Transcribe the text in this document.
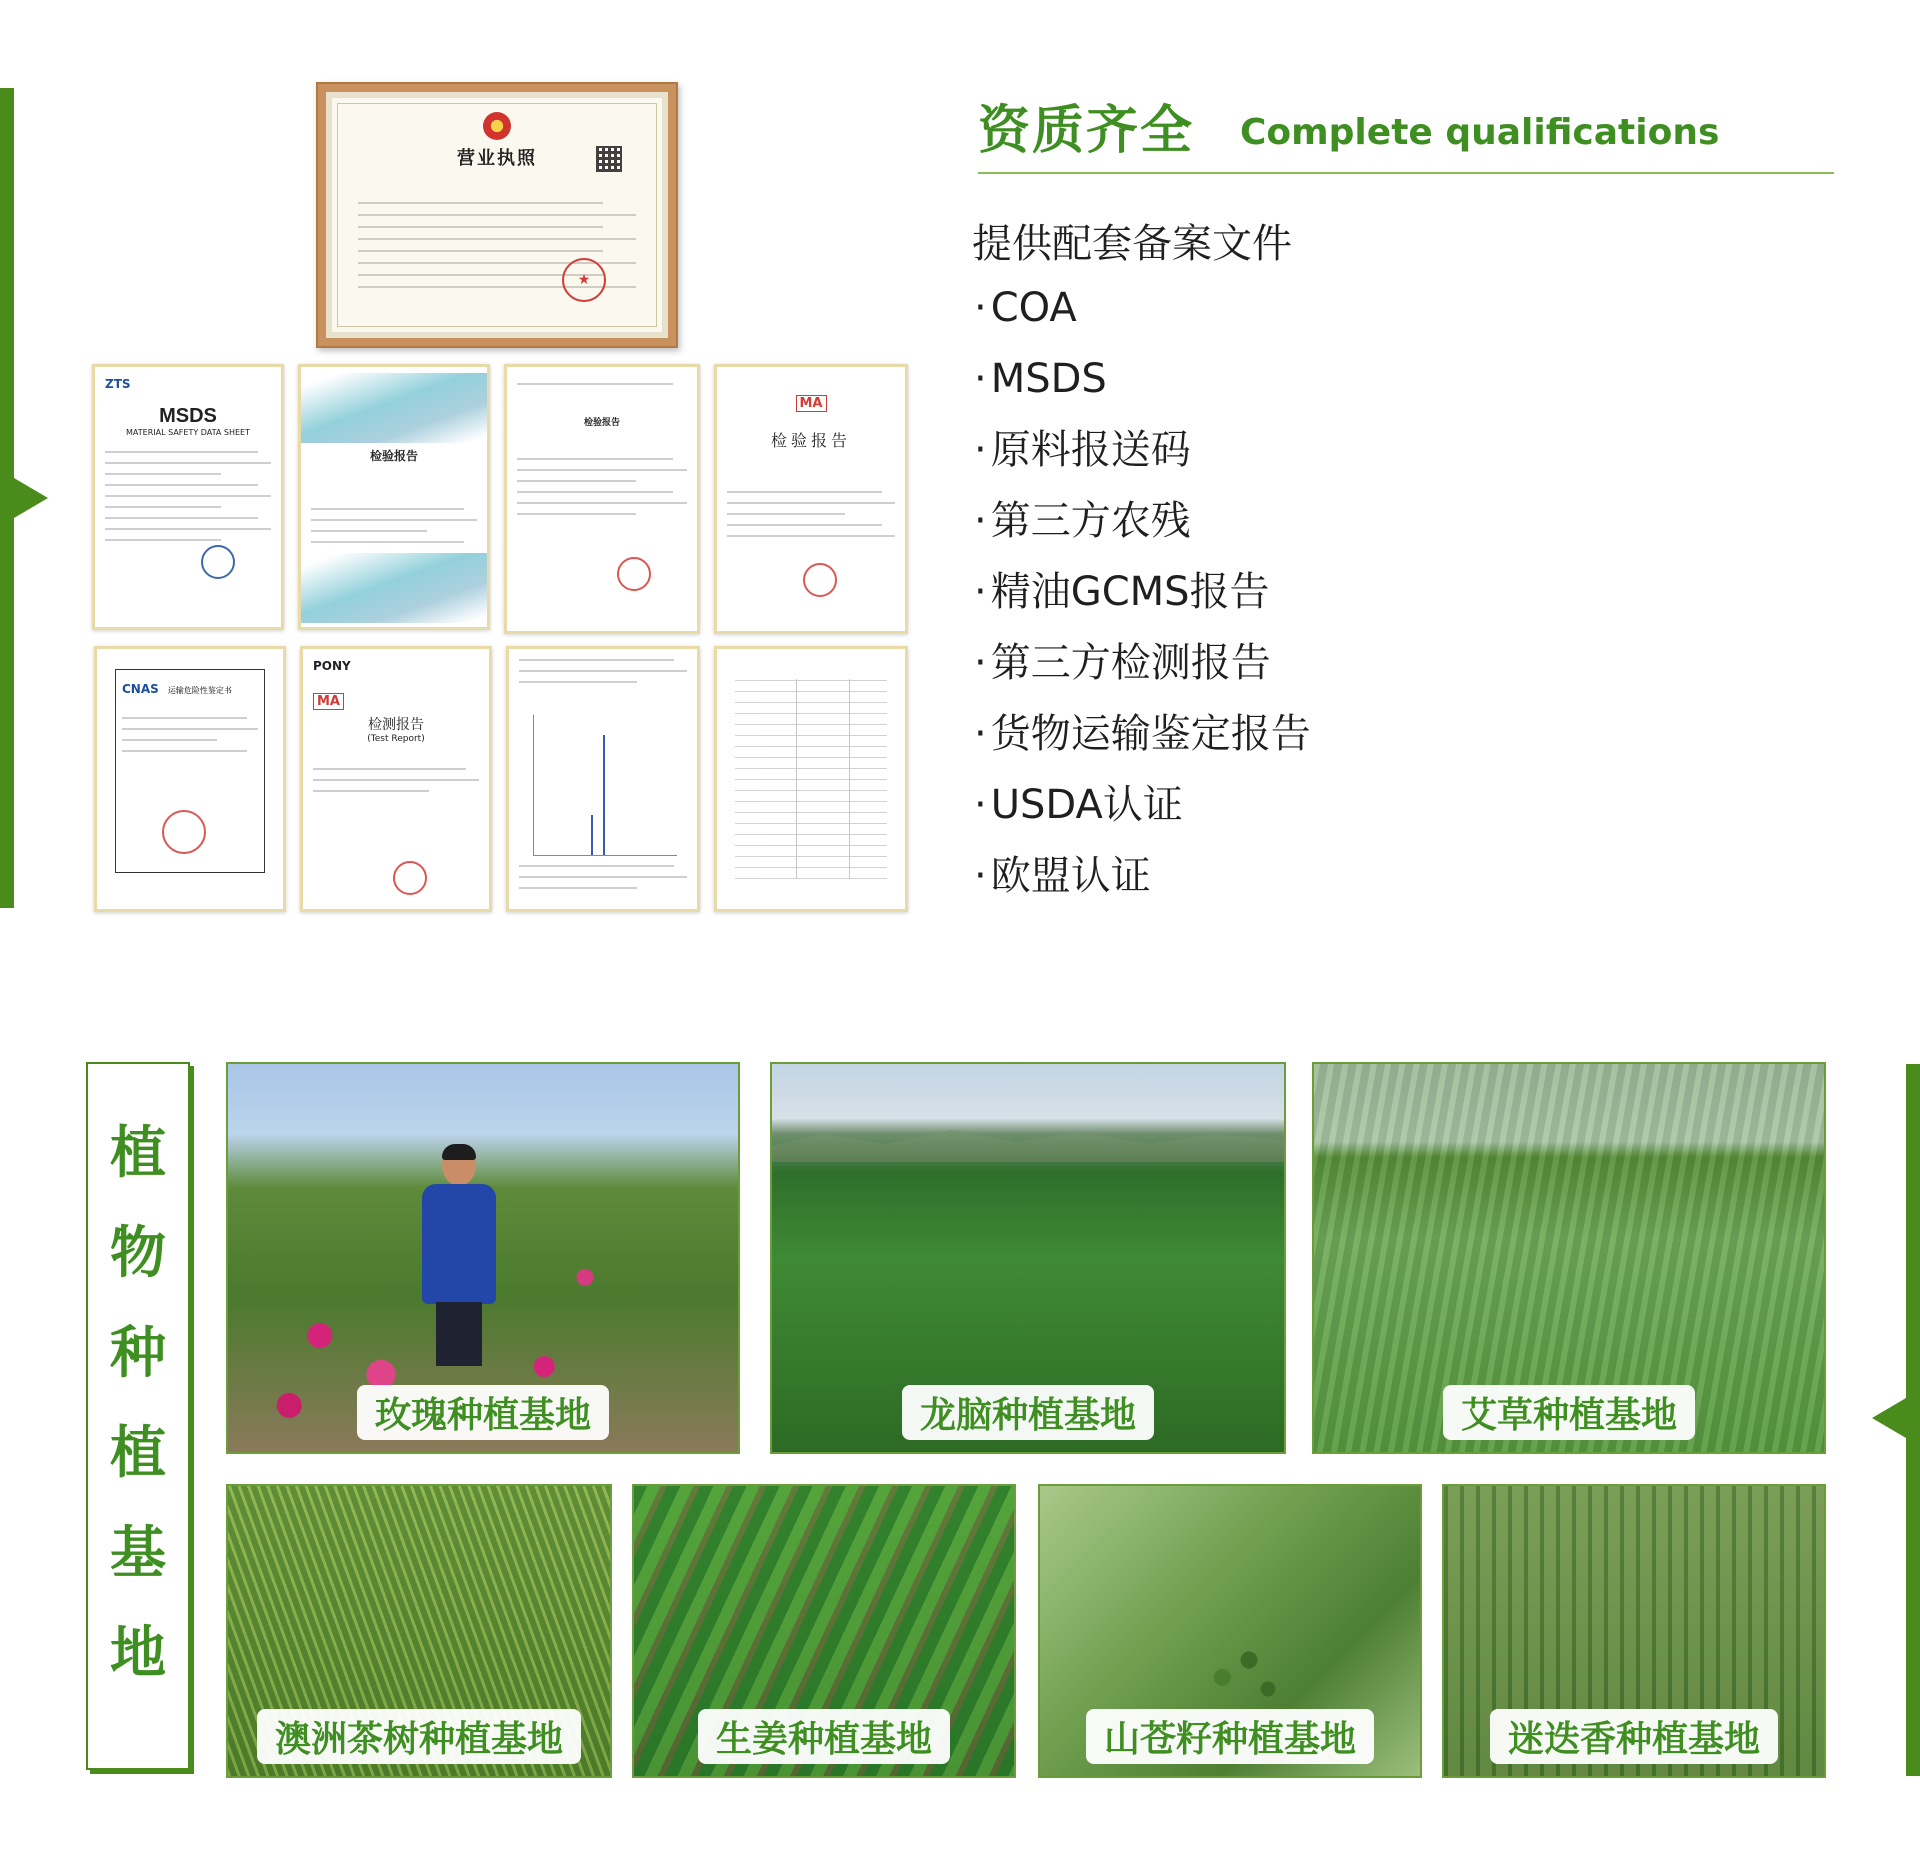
营业执照
★
ZTS
MSDS
MATERIAL SAFETY DATA SHEET
检验报告
检验报告
MA
检验报告
CNAS 运输危险性鉴定书
PONY
MA
检测报告
(Test Report)
资质齐全 Complete qualifications
提供配套备案文件
· COA
· MSDS
· 原料报送码
· 第三方农残
· 精油GCMS报告
· 第三方检测报告
· 货物运输鉴定报告
· USDA认证
· 欧盟认证
植
物
种
植
基
地
玫瑰种植基地	龙脑种植基地	艾草种植基地
澳洲茶树种植基地	生姜种植基地	山苍籽种植基地	迷迭香种植基地
